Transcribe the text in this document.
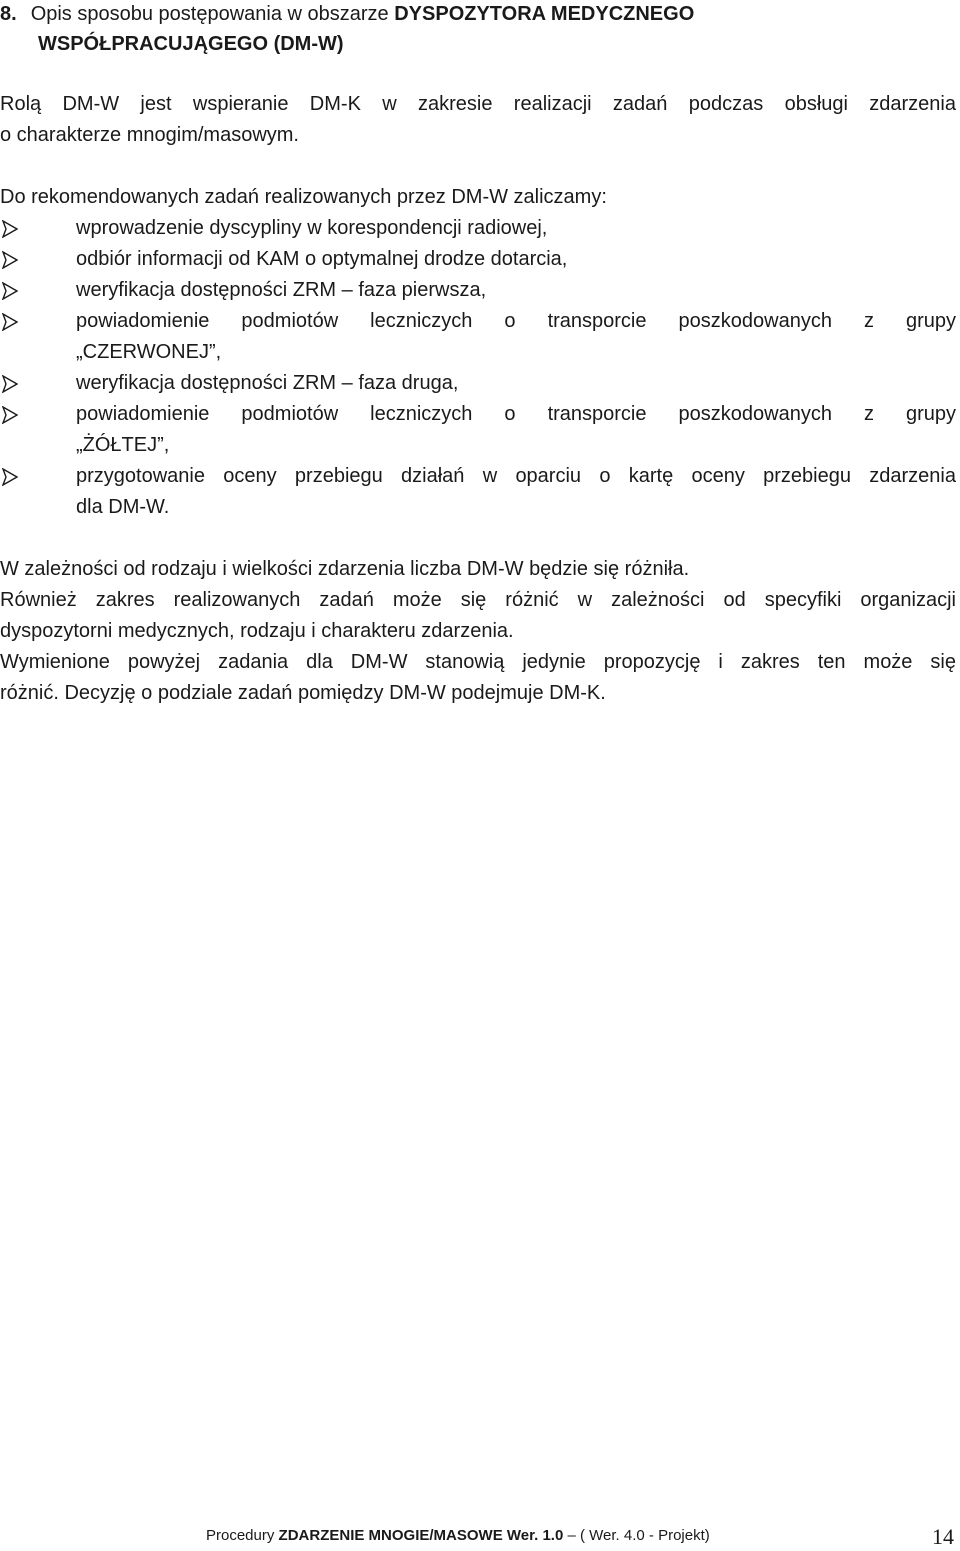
8. Opis sposobu postępowania w obszarze DYSPOZYTORA MEDYCZNEGO
WSPÓŁPRACUJĄGEGO (DM-W)
Rolą DM-W jest wspieranie DM-K w zakresie realizacji zadań podczas obsługi zdarzenia
o charakterze mnogim/masowym.
Do rekomendowanych zadań realizowanych przez DM-W zaliczamy:
wprowadzenie dyscypliny w korespondencji radiowej,
odbiór informacji od KAM o optymalnej drodze dotarcia,
weryfikacja dostępności ZRM – faza pierwsza,
powiadomienie podmiotów leczniczych o transporcie poszkodowanych z grupy
„CZERWONEJ”,
weryfikacja dostępności ZRM – faza druga,
powiadomienie podmiotów leczniczych o transporcie poszkodowanych z grupy
„ŻÓŁTEJ”,
przygotowanie oceny przebiegu działań w oparciu o kartę oceny przebiegu zdarzenia
dla DM-W.
W zależności od rodzaju i wielkości zdarzenia liczba DM-W będzie się różniła.
Również zakres realizowanych zadań może się różnić w zależności od specyfiki organizacji
dyspozytorni medycznych, rodzaju i charakteru zdarzenia.
Wymienione powyżej zadania dla DM-W stanowią jedynie propozycję i zakres ten może się
różnić. Decyzję o podziale zadań pomiędzy DM-W podejmuje DM-K.
Procedury ZDARZENIE MNOGIE/MASOWE Wer. 1.0 – ( Wer. 4.0 - Projekt)	14
